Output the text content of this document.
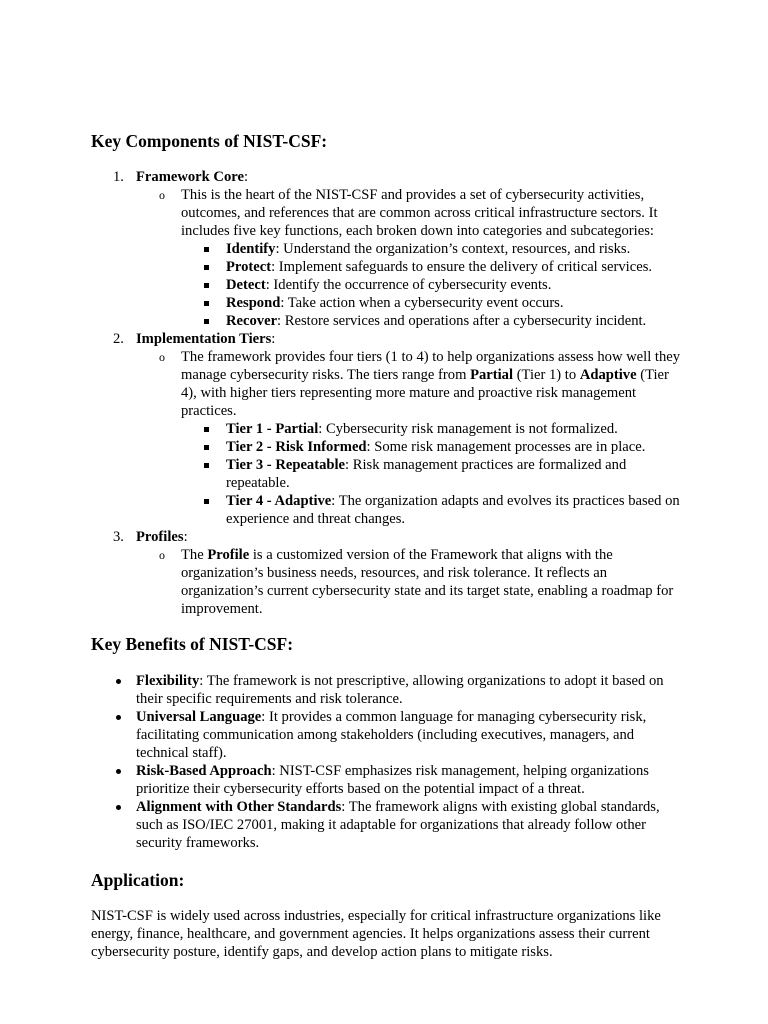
Key Components of NIST-CSF:
1. Framework Core:
o This is the heart of the NIST-CSF and provides a set of cybersecurity activities, outcomes, and references that are common across critical infrastructure sectors. It includes five key functions, each broken down into categories and subcategories:
Identify: Understand the organization’s context, resources, and risks.
Protect: Implement safeguards to ensure the delivery of critical services.
Detect: Identify the occurrence of cybersecurity events.
Respond: Take action when a cybersecurity event occurs.
Recover: Restore services and operations after a cybersecurity incident.
2. Implementation Tiers:
o The framework provides four tiers (1 to 4) to help organizations assess how well they manage cybersecurity risks. The tiers range from Partial (Tier 1) to Adaptive (Tier 4), with higher tiers representing more mature and proactive risk management practices.
Tier 1 - Partial: Cybersecurity risk management is not formalized.
Tier 2 - Risk Informed: Some risk management processes are in place.
Tier 3 - Repeatable: Risk management practices are formalized and repeatable.
Tier 4 - Adaptive: The organization adapts and evolves its practices based on experience and threat changes.
3. Profiles:
o The Profile is a customized version of the Framework that aligns with the organization’s business needs, resources, and risk tolerance. It reflects an organization’s current cybersecurity state and its target state, enabling a roadmap for improvement.
Key Benefits of NIST-CSF:
Flexibility: The framework is not prescriptive, allowing organizations to adopt it based on their specific requirements and risk tolerance.
Universal Language: It provides a common language for managing cybersecurity risk, facilitating communication among stakeholders (including executives, managers, and technical staff).
Risk-Based Approach: NIST-CSF emphasizes risk management, helping organizations prioritize their cybersecurity efforts based on the potential impact of a threat.
Alignment with Other Standards: The framework aligns with existing global standards, such as ISO/IEC 27001, making it adaptable for organizations that already follow other security frameworks.
Application:

NIST-CSF is widely used across industries, especially for critical infrastructure organizations like energy, finance, healthcare, and government agencies. It helps organizations assess their current cybersecurity posture, identify gaps, and develop action plans to mitigate risks.
